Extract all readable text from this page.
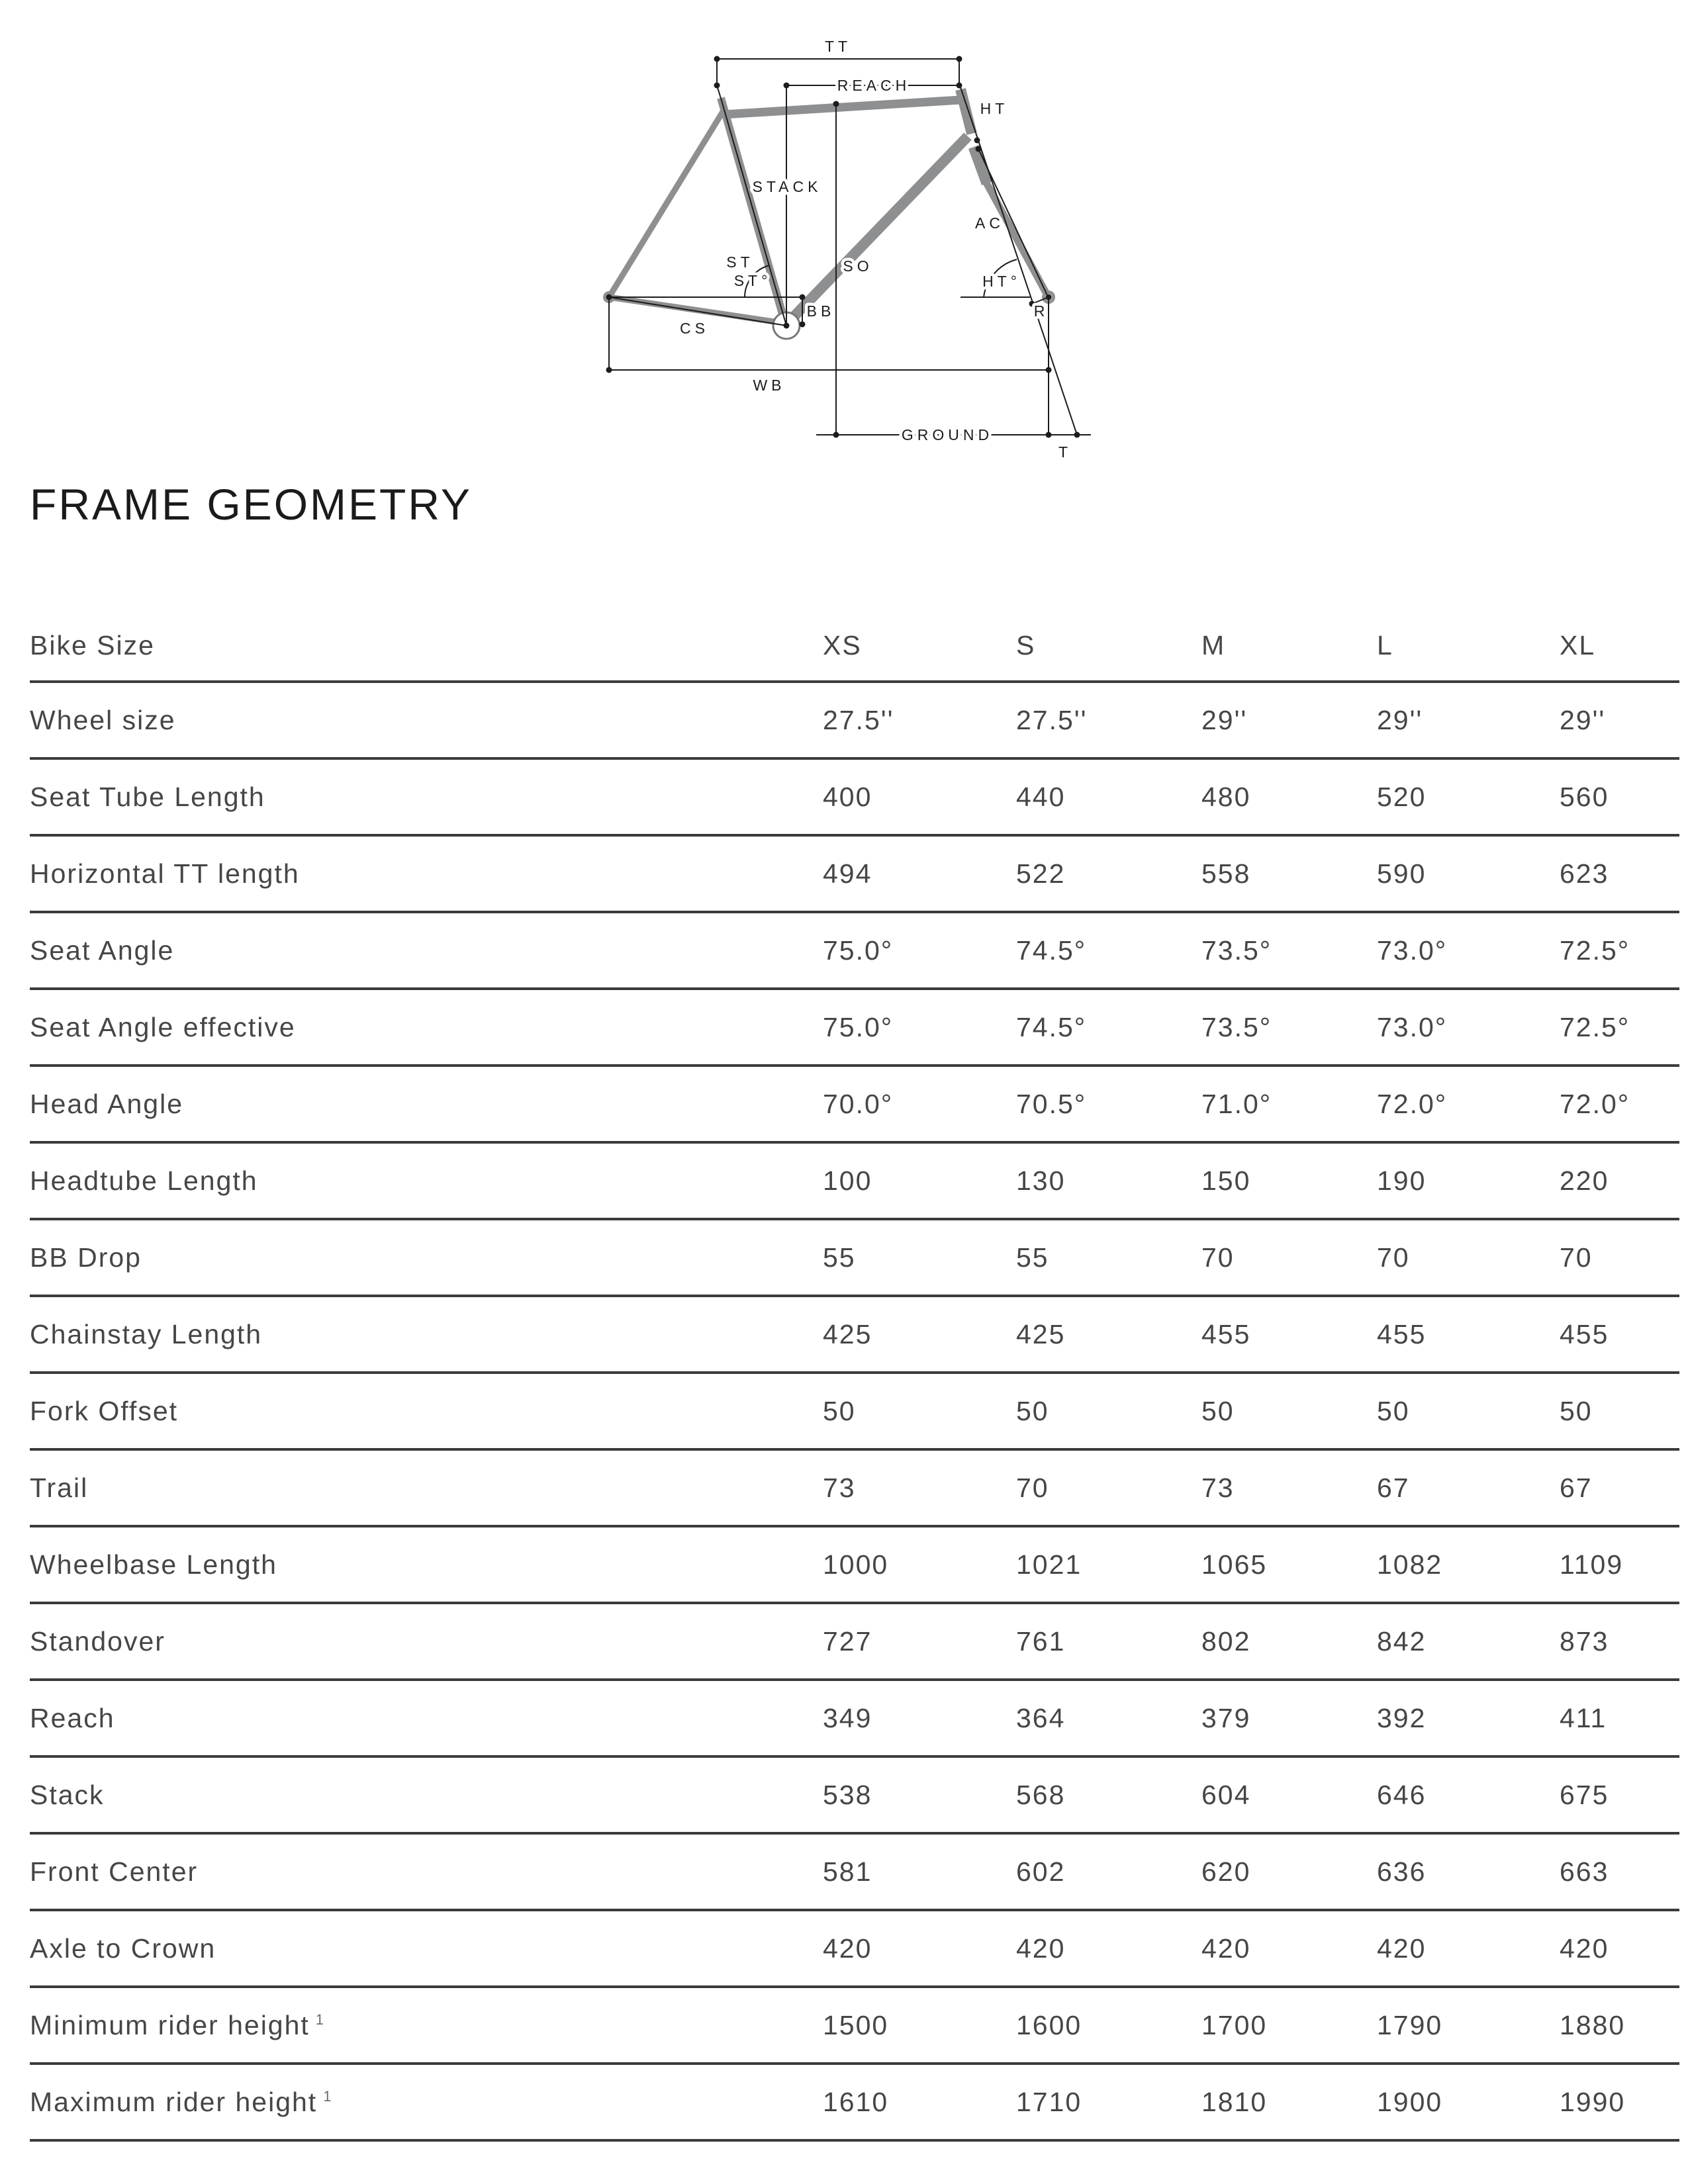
TT
REACH
HT
STACK
ST
AC
SO
ST°	HT°
BB	R
CS
WB
GROUND
T
FRAME GEOMETRY
Bike Size	XS	S	M	L	XL
Wheel size	27.5''	27.5''	29''	29''	29''
Seat Tube Length	400	440	480	520	560
Horizontal TT length	494	522	558	590	623
Seat Angle	75.0°	74.5°	73.5°	73.0°	72.5°
Seat Angle effective	75.0°	74.5°	73.5°	73.0°	72.5°
Head Angle	70.0°	70.5°	71.0°	72.0°	72.0°
Headtube Length	100	130	150	190	220
BB Drop	55	55	70	70	70
Chainstay Length	425	425	455	455	455
Fork Offset	50	50	50	50	50
Trail	73	70	73	67	67
Wheelbase Length	1000	1021	1065	1082	1109
Standover	727	761	802	842	873
Reach	349	364	379	392	411
Stack	538	568	604	646	675
Front Center	581	602	620	636	663
Axle to Crown	420	420	420	420	420
Minimum rider height $^1$	1500	1600	1700	1790	1880
Maximum rider height $^1$	1610	1710	1810	1900	1990
